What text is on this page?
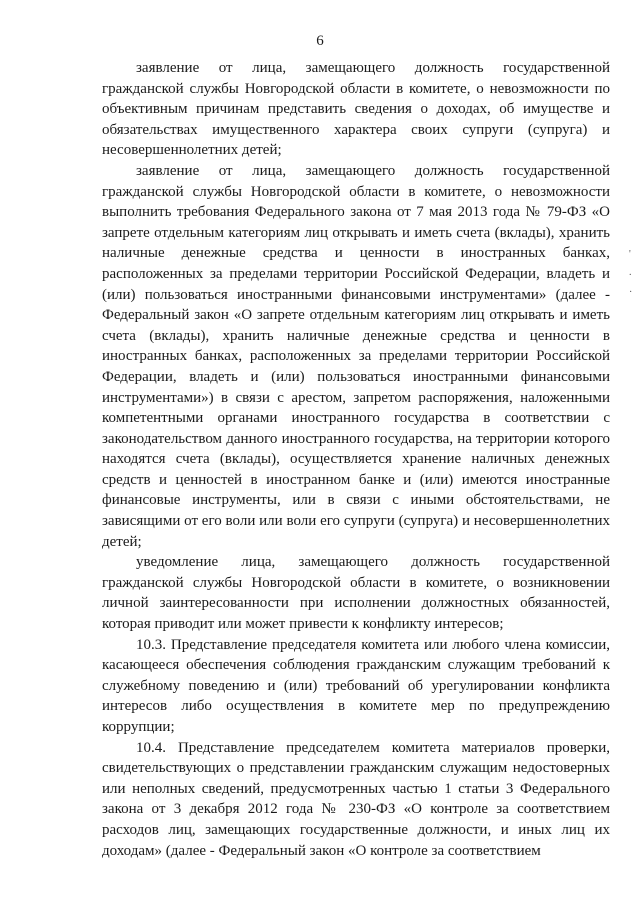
6

заявление от лица, замещающего должность государственной гражданской службы Новгородской области в комитете, о невозможности по объективным причинам представить сведения о доходах, об имуществе и обязательствах имущественного характера своих супруги (супруга) и несовершеннолетних детей;

заявление от лица, замещающего должность государственной гражданской службы Новгородской области в комитете, о невозможности выполнить требования Федерального закона от 7 мая 2013 года № 79-ФЗ «О запрете отдельным категориям лиц открывать и иметь счета (вклады), хранить наличные денежные средства и ценности в иностранных банках, расположенных за пределами территории Российской Федерации, владеть и (или) пользоваться иностранными финансовыми инструментами» (далее - Федеральный закон «О запрете отдельным категориям лиц открывать и иметь счета (вклады), хранить наличные денежные средства и ценности в иностранных банках, расположенных за пределами территории Российской Федерации, владеть и (или) пользоваться иностранными финансовыми инструментами») в связи с арестом, запретом распоряжения, наложенными компетентными органами иностранного государства в соответствии с законодательством данного иностранного государства, на территории которого находятся счета (вклады), осуществляется хранение наличных денежных средств и ценностей в иностранном банке и (или) имеются иностранные финансовые инструменты, или в связи с иными обстоятельствами, не зависящими от его воли или воли его супруги (супруга) и несовершеннолетних детей;

уведомление лица, замещающего должность государственной гражданской службы Новгородской области в комитете, о возникновении личной заинтересованности при исполнении должностных обязанностей, которая приводит или может привести к конфликту интересов;

10.3. Представление председателя комитета или любого члена комиссии, касающееся обеспечения соблюдения гражданским служащим требований к служебному поведению и (или) требований об урегулировании конфликта интересов либо осуществления в комитете мер по предупреждению коррупции;

10.4. Представление председателем комитета материалов проверки, свидетельствующих о представлении гражданским служащим недостоверных или неполных сведений, предусмотренных частью 1 статьи 3 Федерального закона от 3 декабря 2012 года № 230-ФЗ «О контроле за соответствием расходов лиц, замещающих государственные должности, и иных лиц их доходам» (далее - Федеральный закон «О контроле за соответствием

'
.
·
